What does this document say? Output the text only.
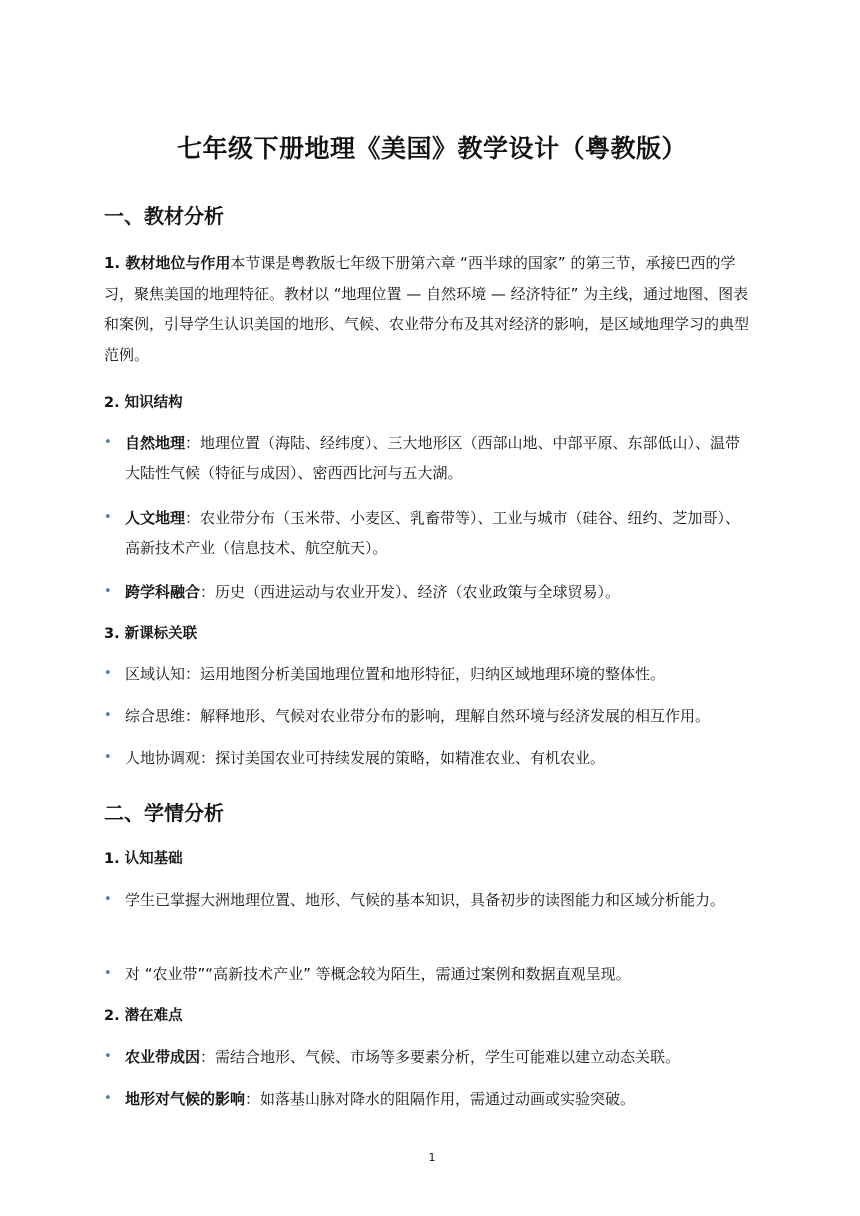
七年级下册地理《美国》教学设计（粤教版）
一、教材分析

1. 教材地位与作用本节课是粤教版七年级下册第六章 “西半球的国家” 的第三节，承接巴西的学习，聚焦美国的地理特征。教材以 “地理位置 — 自然环境 — 经济特征” 为主线，通过地图、图表和案例，引导学生认识美国的地形、气候、农业带分布及其对经济的影响，是区域地理学习的典型范例。

2. 知识结构
• 自然地理：地理位置（海陆、经纬度）、三大地形区（西部山地、中部平原、东部低山）、温带大陆性气候（特征与成因）、密西西比河与五大湖。
• 人文地理：农业带分布（玉米带、小麦区、乳畜带等）、工业与城市（硅谷、纽约、芝加哥）、高新技术产业（信息技术、航空航天）。
• 跨学科融合：历史（西进运动与农业开发）、经济（农业政策与全球贸易）。
3. 新课标关联
• 区域认知：运用地图分析美国地理位置和地形特征，归纳区域地理环境的整体性。
• 综合思维：解释地形、气候对农业带分布的影响，理解自然环境与经济发展的相互作用。
• 人地协调观：探讨美国农业可持续发展的策略，如精准农业、有机农业。
二、学情分析
1. 认知基础
• 学生已掌握大洲地理位置、地形、气候的基本知识，具备初步的读图能力和区域分析能力。
• 对 “农业带”“高新技术产业” 等概念较为陌生，需通过案例和数据直观呈现。
2. 潜在难点
• 农业带成因：需结合地形、气候、市场等多要素分析，学生可能难以建立动态关联。
• 地形对气候的影响：如落基山脉对降水的阻隔作用，需通过动画或实验突破。
1
